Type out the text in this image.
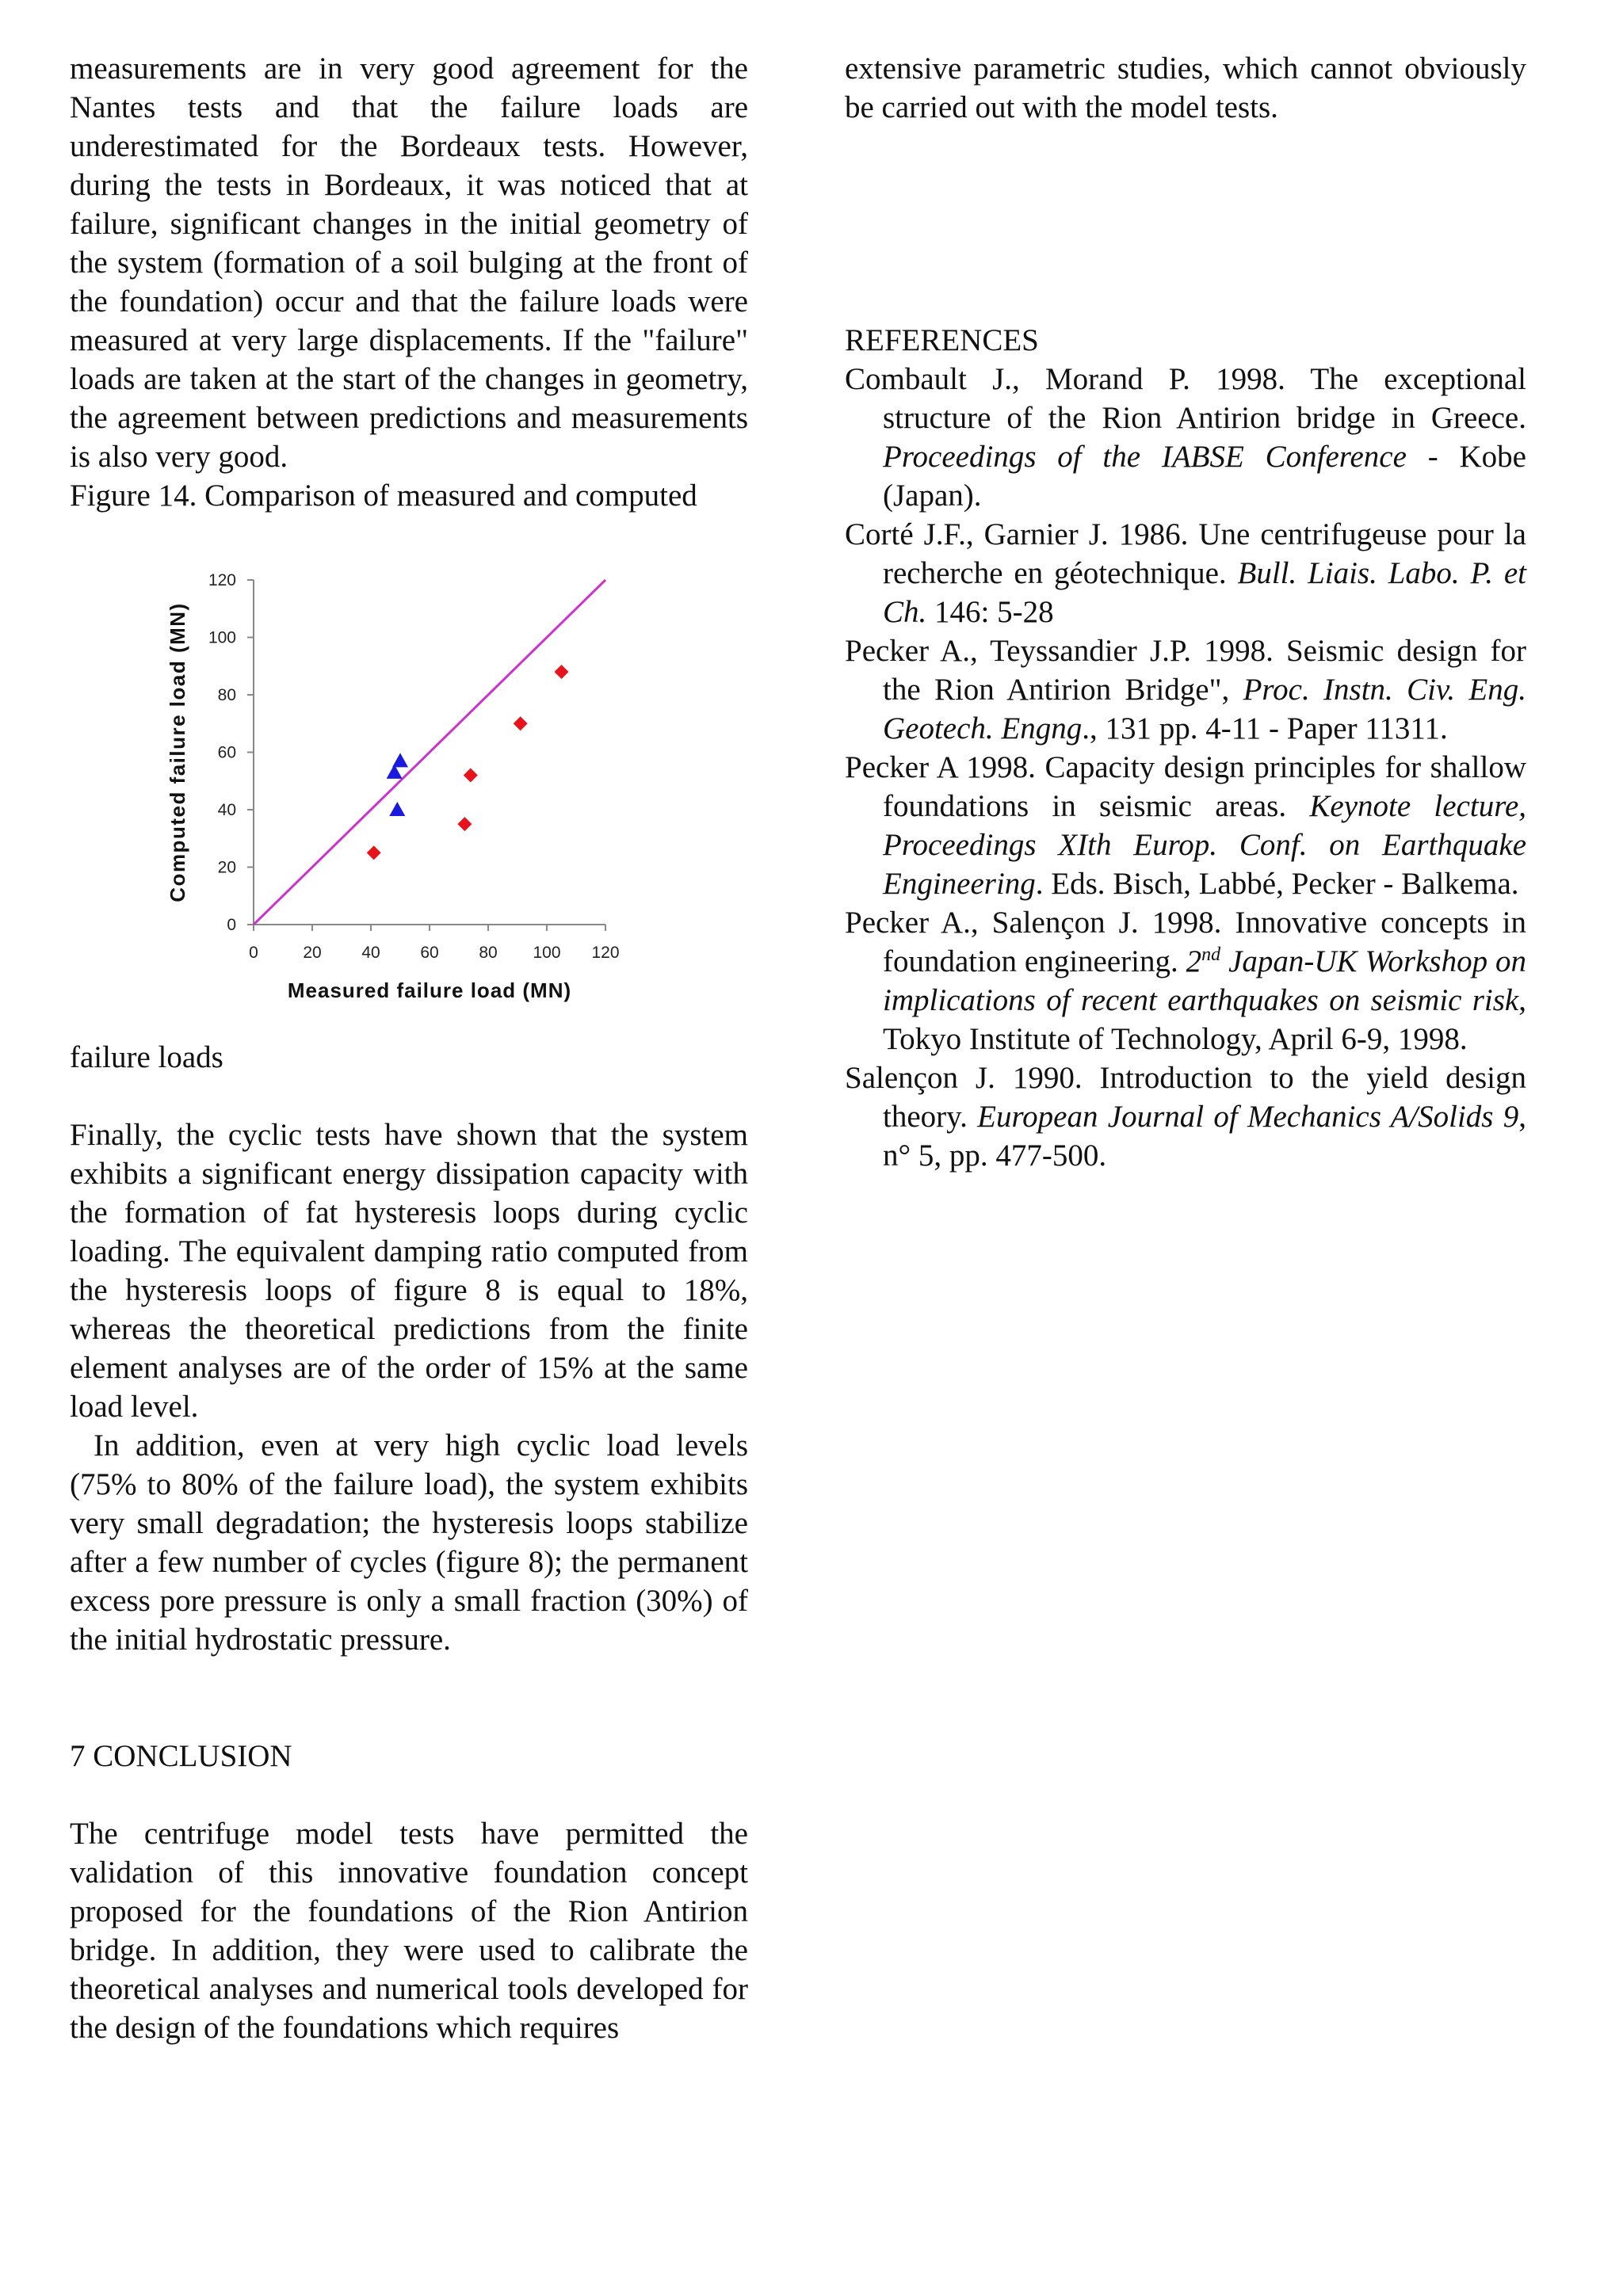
measurements are in very good agreement for the Nantes tests and that the failure loads are underestimated for the Bordeaux tests. However, during the tests in Bordeaux, it was noticed that at failure, significant changes in the initial geometry of the system (formation of a soil bulging at the front of the foundation) occur and that the failure loads were measured at very large displacements. If the "failure" loads are taken at the start of the changes in geometry, the agreement between predictions and measurements is also very good.

Figure 14. Comparison of measured and computed

0	20 40 60 80 100 120
0
20
40
60
80
100
120
Measured failure load (MN)
Computed failure load (MN)

failure loads

Finally, the cyclic tests have shown that the system exhibits a significant energy dissipation capacity with the formation of fat hysteresis loops during cyclic loading. The equivalent damping ratio computed from the hysteresis loops of figure 8 is equal to 18%, whereas the theoretical predictions from the finite element analyses are of the order of 15% at the same load level.

In addition, even at very high cyclic load levels (75% to 80% of the failure load), the system exhibits very small degradation; the hysteresis loops stabilize after a few number of cycles (figure 8); the permanent excess pore pressure is only a small fraction (30%) of the initial hydrostatic pressure.

7 CONCLUSION

The centrifuge model tests have permitted the validation of this innovative foundation concept proposed for the foundations of the Rion Antirion bridge. In addition, they were used to calibrate the theoretical analyses and numerical tools developed for the design of the foundations which requires

extensive parametric studies, which cannot obviously be carried out with the model tests.

REFERENCES

Combault J., Morand P. 1998. The exceptional structure of the Rion Antirion bridge in Greece. Proceedings of the IABSE Conference - Kobe (Japan).

Corté J.F., Garnier J. 1986. Une centrifugeuse pour la recherche en géotechnique. Bull. Liais. Labo. P. et Ch. 146: 5-28

Pecker A., Teyssandier J.P. 1998. Seismic design for the Rion Antirion Bridge", Proc. Instn. Civ. Eng. Geotech. Engng., 131 pp. 4-11 - Paper 11311.

Pecker A 1998. Capacity design principles for shallow foundations in seismic areas. Keynote lecture, Proceedings XIth Europ. Conf. on Earthquake Engineering. Eds. Bisch, Labbé, Pecker - Balkema.

Pecker A., Salençon J. 1998. Innovative concepts in foundation engineering. 2nd Japan-UK Workshop on implications of recent earthquakes on seismic risk, Tokyo Institute of Technology, April 6-9, 1998.

Salençon J. 1990. Introduction to the yield design theory. European Journal of Mechanics A/Solids 9, n° 5, pp. 477-500.
